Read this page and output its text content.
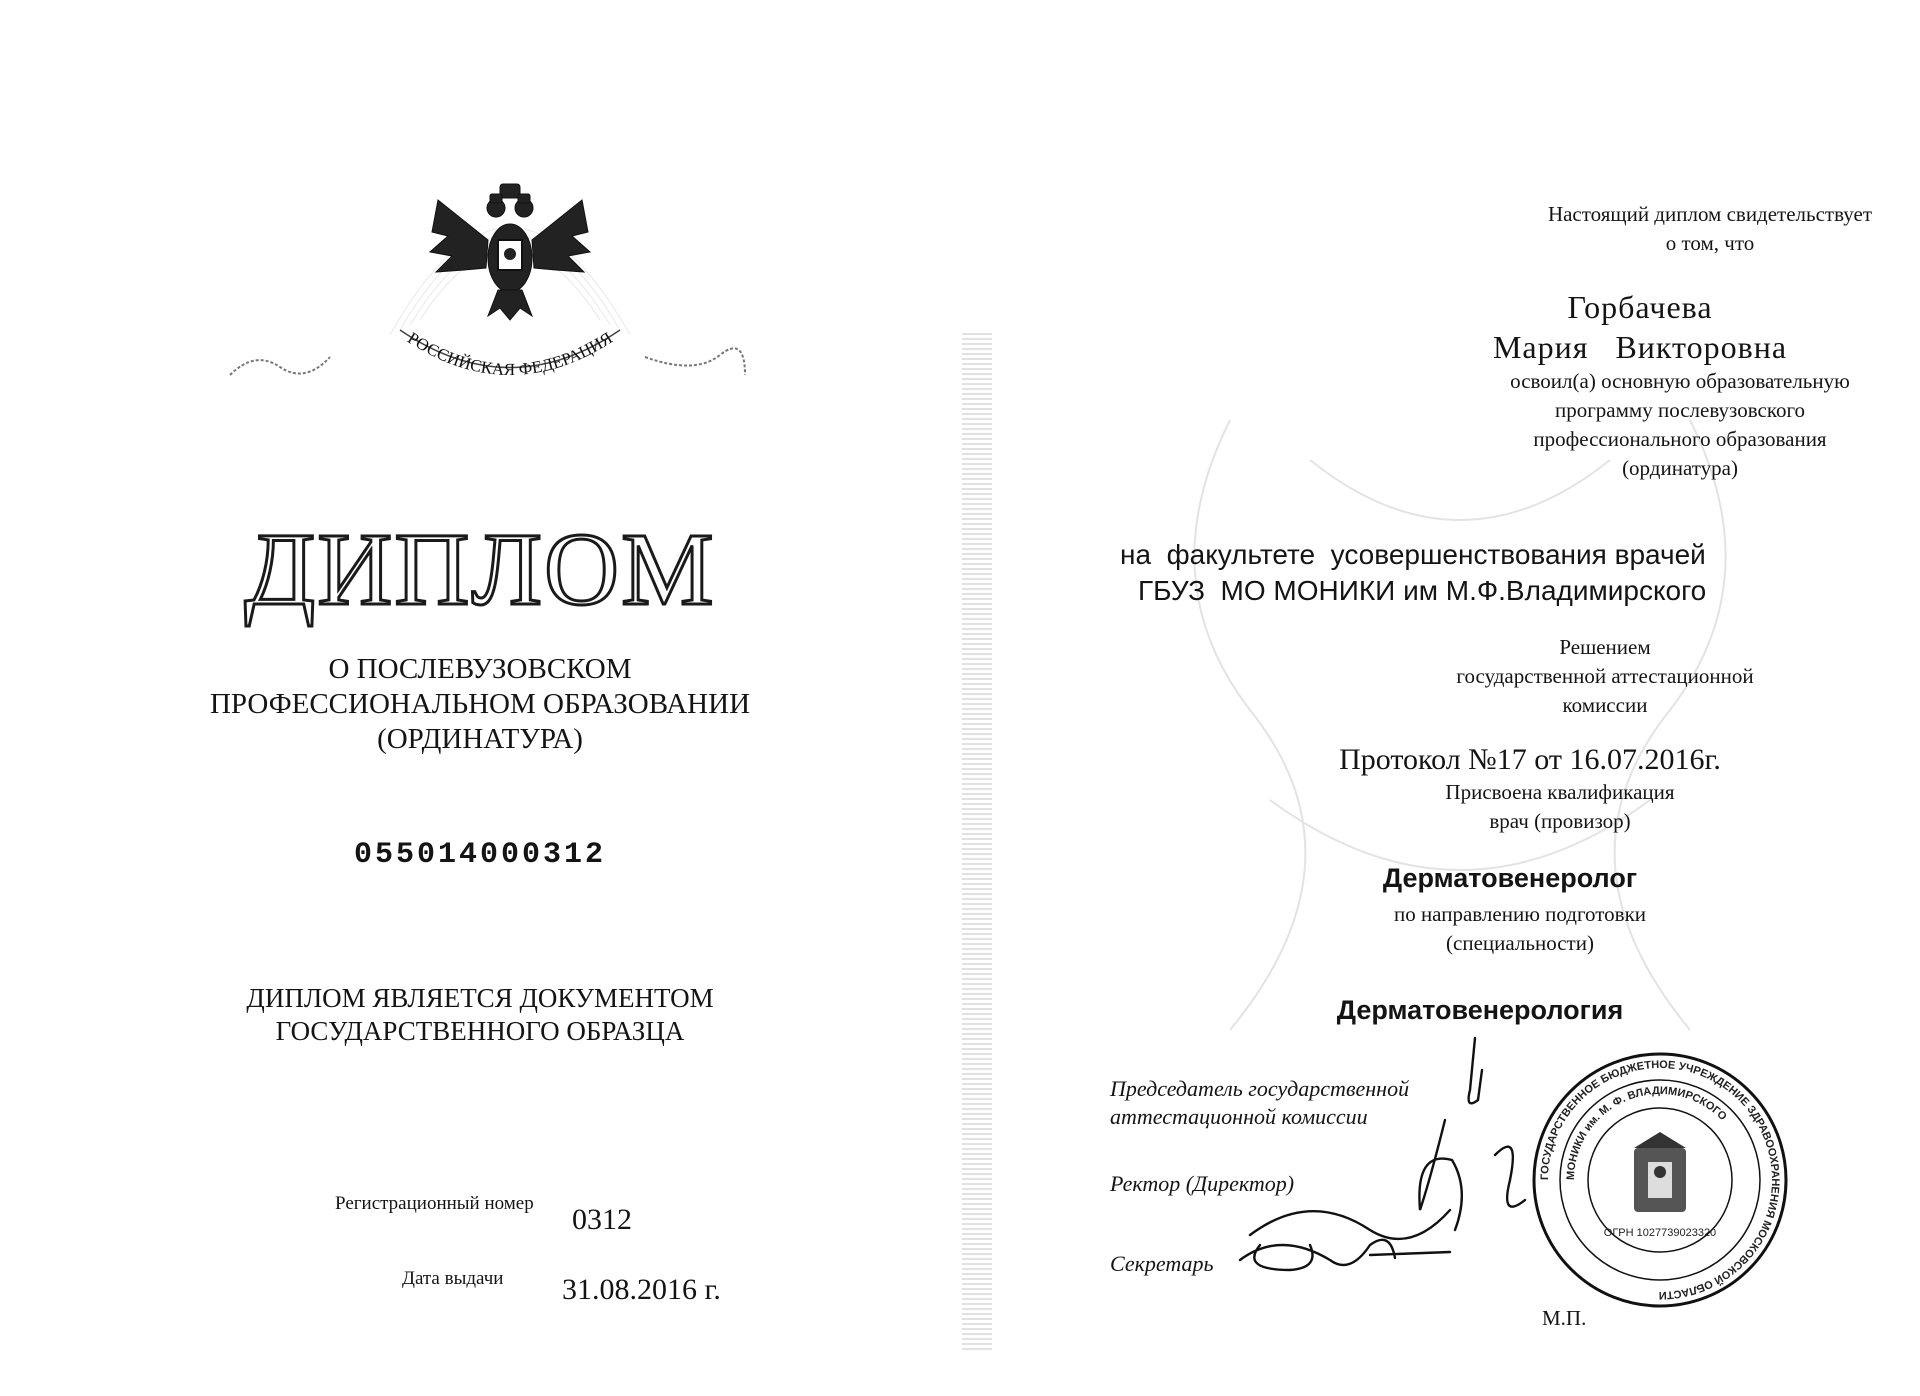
РОССИЙСКАЯ ФЕДЕРАЦИЯ
ДИПЛОМ
О ПОСЛЕВУЗОВСКОМ
ПРОФЕССИОНАЛЬНОМ ОБРАЗОВАНИИ
(ОРДИНАТУРА)
055014000312
ДИПЛОМ ЯВЛЯЕТСЯ ДОКУМЕНТОМ
ГОСУДАРСТВЕННОГО ОБРАЗЦА
Регистрационный номер 0312
Дата выдачи 31.08.2016 г.
Настоящий диплом свидетельствует
о том, что
Горбачева
Мария   Викторовна
освоил(а) основную образовательную
программу послевузовского
профессионального образования
(ординатура)
на  факультете  усовершенствования врачей
ГБУЗ  МО МОНИКИ им М.Ф.Владимирского
Решением
государственной аттестационной
комиссии
Протокол №17 от 16.07.2016г.
Присвоена квалификация
врач (провизор)
Дерматовенеролог
по направлению подготовки
(специальности)
Дерматовенерология
Председатель государственной
аттестационной комиссии
Ректор (Директор)
Секретарь
ГОСУДАРСТВЕННОЕ БЮДЖЕТНОЕ УЧРЕЖДЕНИЕ ЗДРАВООХРАНЕНИЯ МОСКОВСКОЙ ОБЛАСТИ
МОНИКИ им. М. Ф. ВЛАДИМИРСКОГО
ОГРН 1027739023320
М.П.
